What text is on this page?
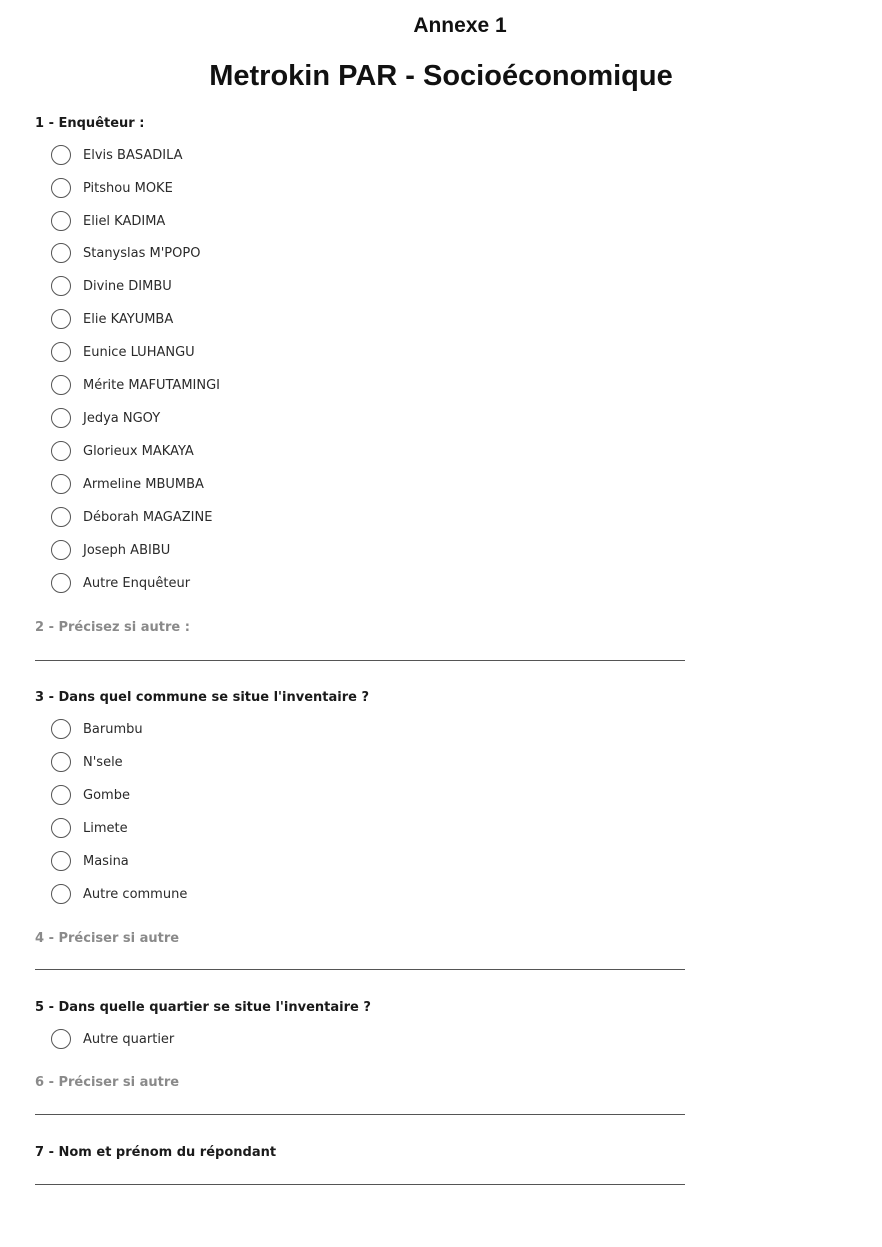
Annexe 1
Metrokin PAR - Socioéconomique
1 - Enquêteur :
Elvis BASADILA
Pitshou MOKE
Eliel KADIMA
Stanyslas M'POPO
Divine DIMBU
Elie KAYUMBA
Eunice LUHANGU
Mérite MAFUTAMINGI
Jedya NGOY
Glorieux MAKAYA
Armeline MBUMBA
Déborah MAGAZINE
Joseph ABIBU
Autre Enquêteur
2 - Précisez si autre :
3 - Dans quel commune se situe l'inventaire ?
Barumbu
N'sele
Gombe
Limete
Masina
Autre commune
4 - Préciser si autre
5 - Dans quelle quartier se situe l'inventaire ?
Autre quartier
6 - Préciser si autre
7 - Nom et prénom du répondant
